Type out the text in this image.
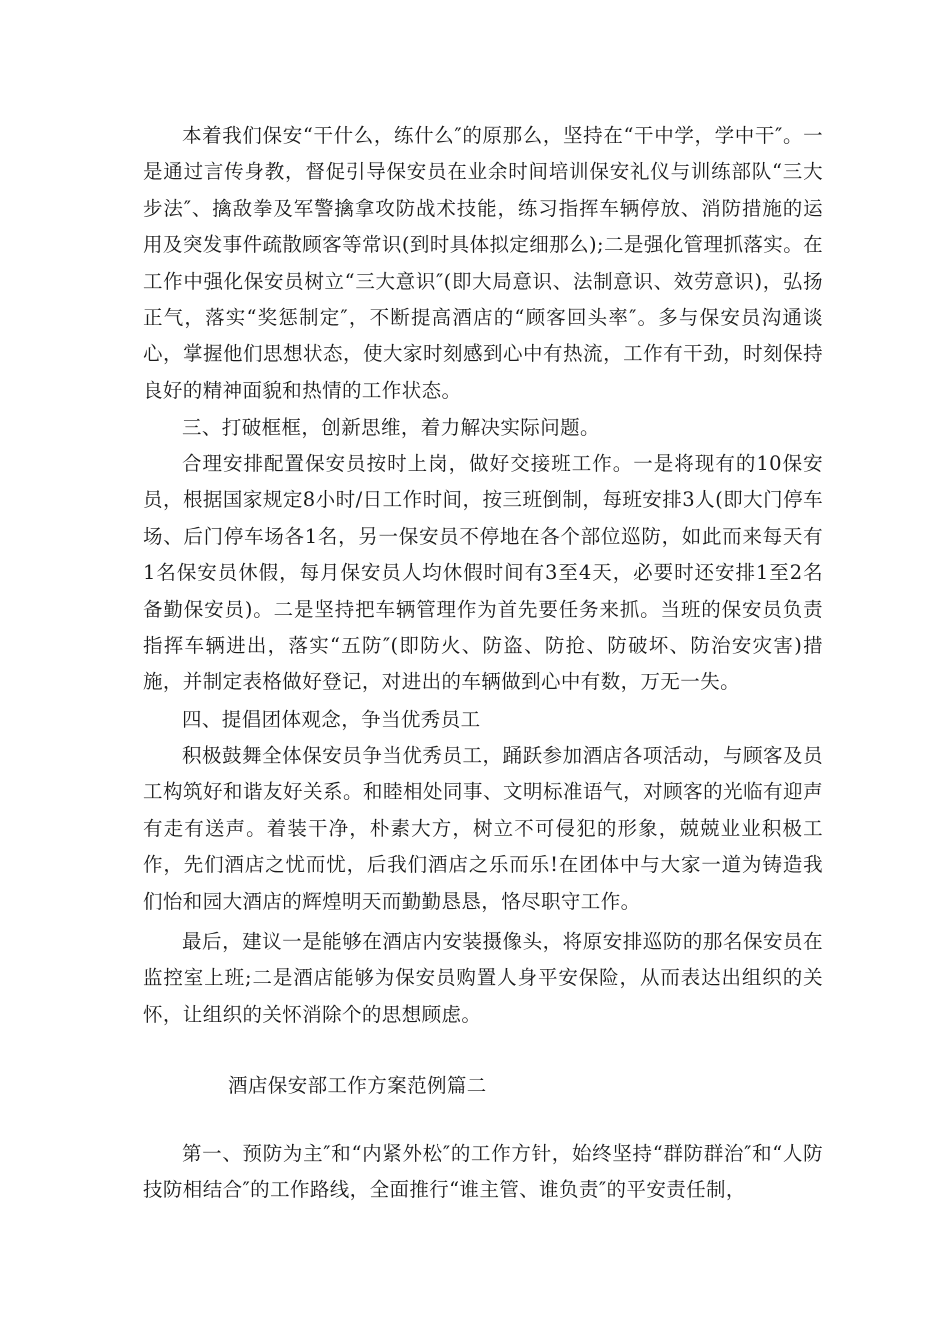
本着我们保安“干什么，练什么″的原那么，坚持在“干中学，学中干″。一是通过言传身教，督促引导保安员在业余时间培训保安礼仪与训练部队“三大步法″、擒敌拳及军警擒拿攻防战术技能，练习指挥车辆停放、消防措施的运用及突发事件疏散顾客等常识(到时具体拟定细那么);二是强化管理抓落实。在工作中强化保安员树立“三大意识″(即大局意识、法制意识、效劳意识)，弘扬正气，落实“奖惩制定″，不断提高酒店的“顾客回头率″。多与保安员沟通谈心，掌握他们思想状态，使大家时刻感到心中有热流，工作有干劲，时刻保持良好的精神面貌和热情的工作状态。

三、打破框框，创新思维，着力解决实际问题。

合理安排配置保安员按时上岗，做好交接班工作。一是将现有的10保安员，根据国家规定8小时/日工作时间，按三班倒制，每班安排3人(即大门停车场、后门停车场各1名，另一保安员不停地在各个部位巡防，如此而来每天有1名保安员休假，每月保安员人均休假时间有3至4天，必要时还安排1至2名备勤保安员)。二是坚持把车辆管理作为首先要任务来抓。当班的保安员负责指挥车辆进出，落实“五防″(即防火、防盗、防抢、防破坏、防治安灾害)措施，并制定表格做好登记，对进出的车辆做到心中有数，万无一失。

四、提倡团体观念，争当优秀员工

积极鼓舞全体保安员争当优秀员工，踊跃参加酒店各项活动，与顾客及员工构筑好和谐友好关系。和睦相处同事、文明标准语气，对顾客的光临有迎声有走有送声。着装干净，朴素大方，树立不可侵犯的形象，兢兢业业积极工作，先们酒店之忧而忧，后我们酒店之乐而乐!在团体中与大家一道为铸造我们怡和园大酒店的辉煌明天而勤勤恳恳，恪尽职守工作。

最后，建议一是能够在酒店内安装摄像头，将原安排巡防的那名保安员在监控室上班;二是酒店能够为保安员购置人身平安保险，从而表达出组织的关怀，让组织的关怀消除个的思想顾虑。

酒店保安部工作方案范例篇二

第一、预防为主″和“内紧外松″的工作方针，始终坚持“群防群治″和“人防技防相结合″的工作路线，全面推行“谁主管、谁负责″的平安责任制，
